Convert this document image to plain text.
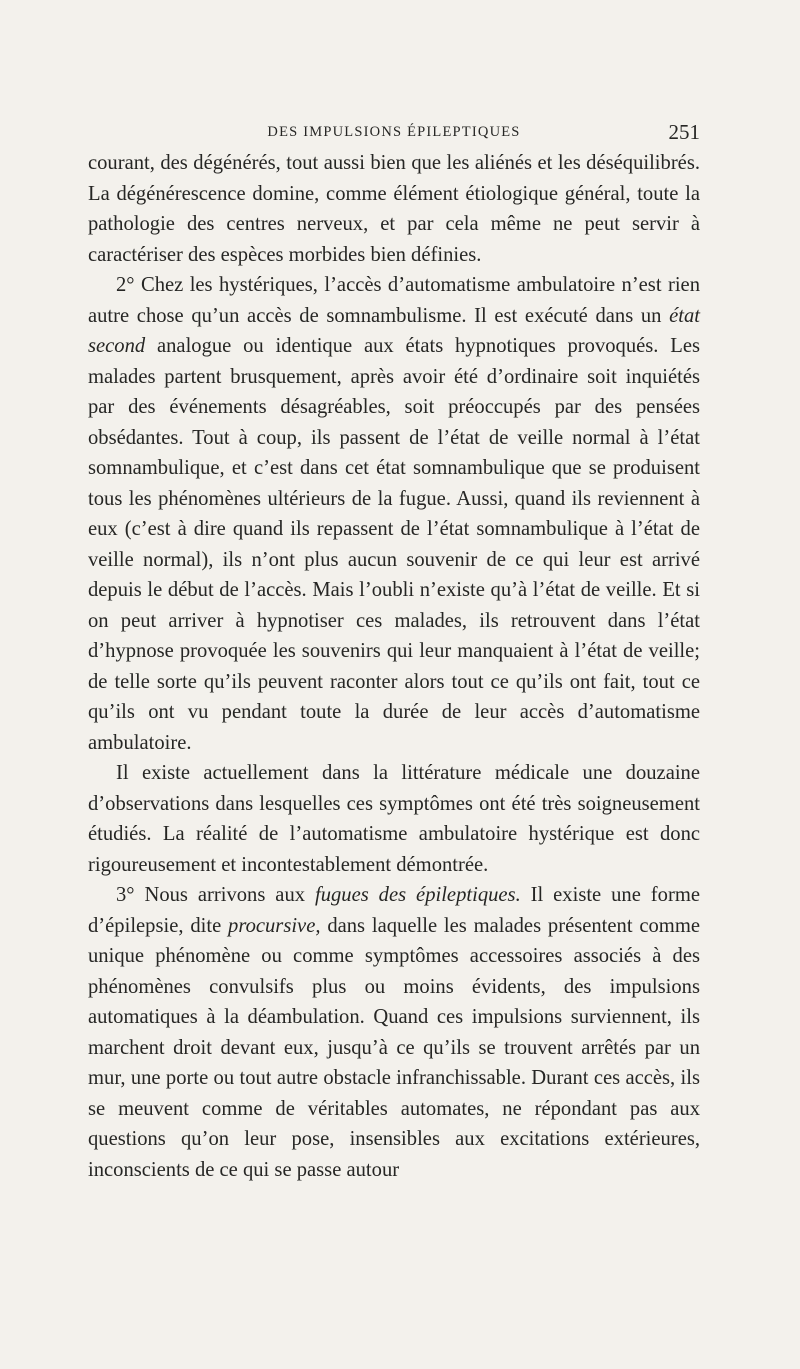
DES IMPULSIONS ÉPILEPTIQUES	251

courant, des dégénérés, tout aussi bien que les aliénés et les déséquilibrés. La dégénérescence domine, comme élément étiologique général, toute la pathologie des centres nerveux, et par cela même ne peut servir à caractériser des espèces morbides bien définies.

2° Chez les hystériques, l’accès d’automatisme ambulatoire n’est rien autre chose qu’un accès de somnambulisme. Il est exécuté dans un état second analogue ou identique aux états hypnotiques provoqués. Les malades partent brusquement, après avoir été d’ordinaire soit inquiétés par des événements désagréables, soit préoccupés par des pensées obsédantes. Tout à coup, ils passent de l’état de veille normal à l’état somnambulique, et c’est dans cet état somnambulique que se produisent tous les phénomènes ultérieurs de la fugue. Aussi, quand ils reviennent à eux (c’est à dire quand ils repassent de l’état somnambulique à l’état de veille normal), ils n’ont plus aucun souvenir de ce qui leur est arrivé depuis le début de l’accès. Mais l’oubli n’existe qu’à l’état de veille. Et si on peut arriver à hypnotiser ces malades, ils retrouvent dans l’état d’hypnose provoquée les souvenirs qui leur manquaient à l’état de veille; de telle sorte qu’ils peuvent raconter alors tout ce qu’ils ont fait, tout ce qu’ils ont vu pendant toute la durée de leur accès d’automatisme ambulatoire.

Il existe actuellement dans la littérature médicale une douzaine d’observations dans lesquelles ces symptômes ont été très soigneusement étudiés. La réalité de l’automatisme ambulatoire hystérique est donc rigoureusement et incontestablement démontrée.

3° Nous arrivons aux fugues des épileptiques. Il existe une forme d’épilepsie, dite procursive, dans laquelle les malades présentent comme unique phénomène ou comme symptômes accessoires associés à des phénomènes convulsifs plus ou moins évidents, des impulsions automatiques à la déambulation. Quand ces impulsions surviennent, ils marchent droit devant eux, jusqu’à ce qu’ils se trouvent arrêtés par un mur, une porte ou tout autre obstacle infranchissable. Durant ces accès, ils se meuvent comme de véritables automates, ne répondant pas aux questions qu’on leur pose, insensibles aux excitations extérieures, inconscients de ce qui se passe autour
